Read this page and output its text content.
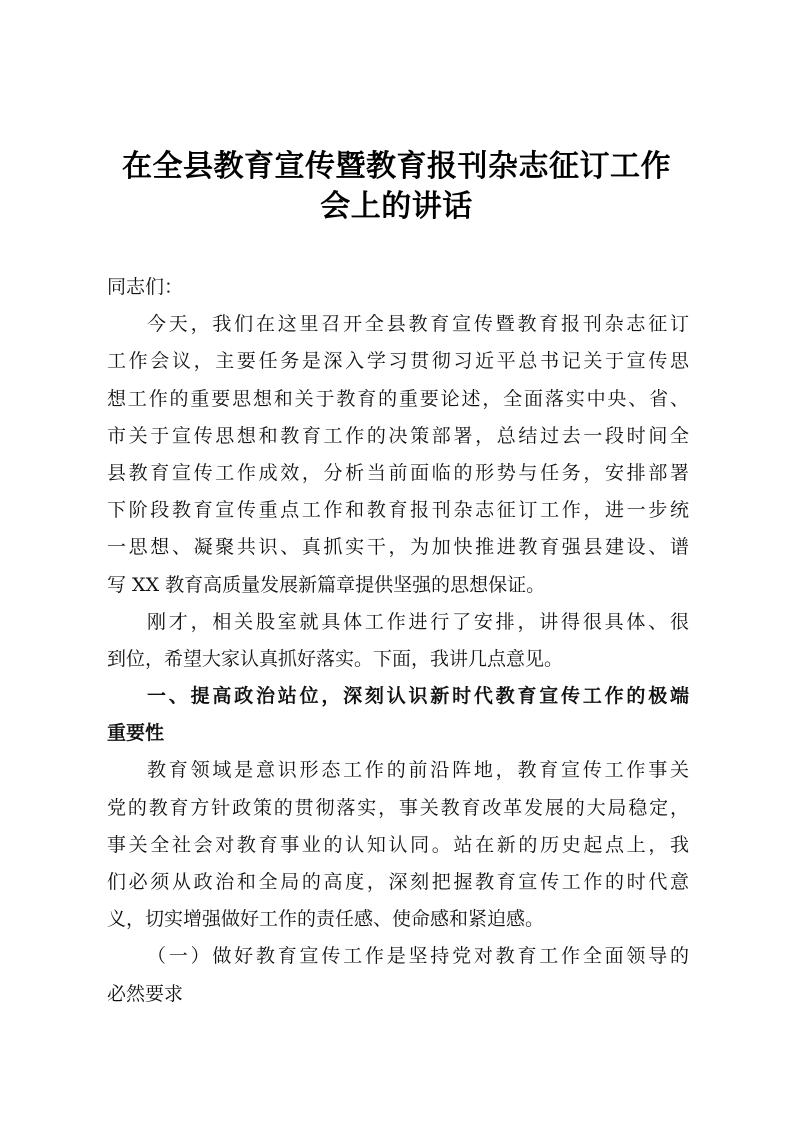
在全县教育宣传暨教育报刊杂志征订工作
会上的讲话
同志们：
今天，我们在这里召开全县教育宣传暨教育报刊杂志征订
工作会议，主要任务是深入学习贯彻习近平总书记关于宣传思
想工作的重要思想和关于教育的重要论述，全面落实中央、省、
市关于宣传思想和教育工作的决策部署，总结过去一段时间全
县教育宣传工作成效，分析当前面临的形势与任务，安排部署
下阶段教育宣传重点工作和教育报刊杂志征订工作，进一步统
一思想、凝聚共识、真抓实干，为加快推进教育强县建设、谱
写 XX 教育高质量发展新篇章提供坚强的思想保证。
刚才，相关股室就具体工作进行了安排，讲得很具体、很
到位，希望大家认真抓好落实。下面，我讲几点意见。
一、提高政治站位，深刻认识新时代教育宣传工作的极端
重要性
教育领域是意识形态工作的前沿阵地，教育宣传工作事关
党的教育方针政策的贯彻落实，事关教育改革发展的大局稳定，
事关全社会对教育事业的认知认同。站在新的历史起点上，我
们必须从政治和全局的高度，深刻把握教育宣传工作的时代意
义，切实增强做好工作的责任感、使命感和紧迫感。
（一）做好教育宣传工作是坚持党对教育工作全面领导的
必然要求
